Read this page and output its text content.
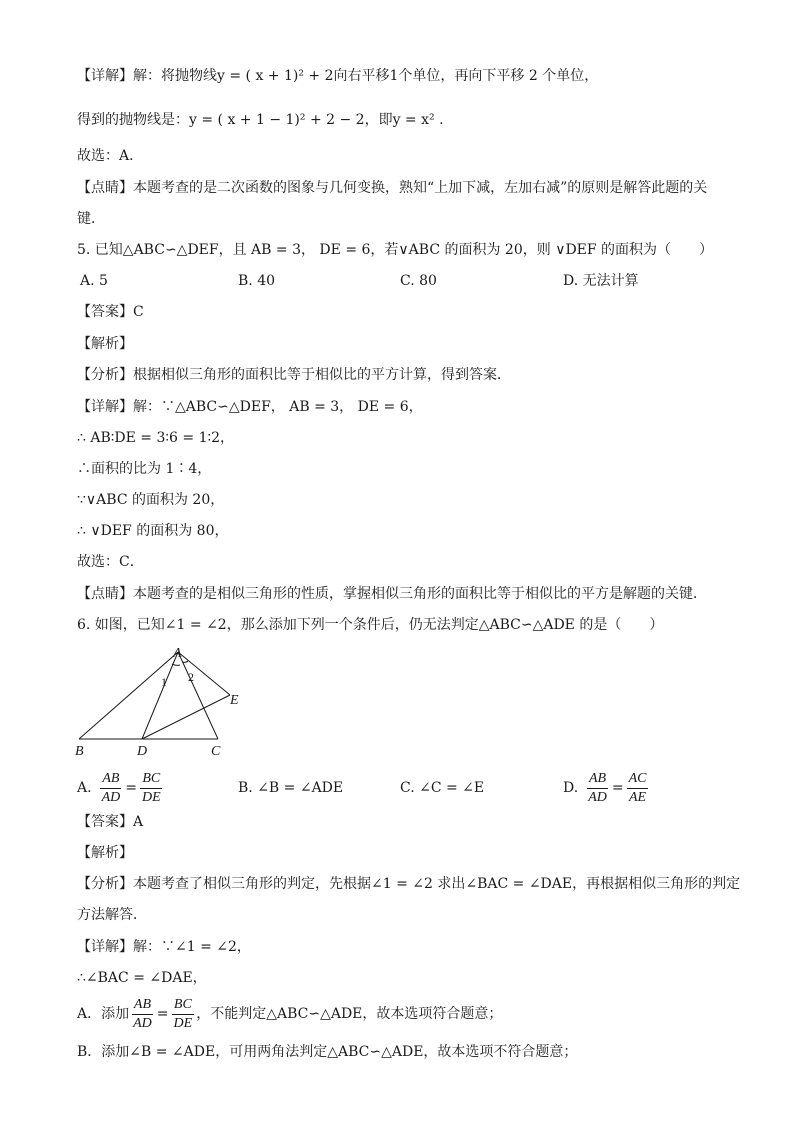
【详解】解：将抛物线y = ( x + 1)² + 2向右平移1个单位，再向下平移 2 个单位，
得到的抛物线是：y = ( x + 1 − 1)² + 2 − 2，即y = x² .
故选：A．
【点睛】本题考查的是二次函数的图象与几何变换，熟知“上加下减，左加右减”的原则是解答此题的关
键．
5. 已知△ABC∽△DEF，且 AB = 3， DE = 6，若∨ABC 的面积为 20，则 ∨DEF 的面积为（　　）
A. 5	B. 40	C. 80	D. 无法计算
【答案】C
【解析】
【分析】根据相似三角形的面积比等于相似比的平方计算，得到答案．
【详解】解：∵△ABC∽△DEF， AB = 3， DE = 6，
∴ AB∶DE = 3∶6 = 1∶2，
∴面积的比为 1∶4，
∵∨ABC 的面积为 20，
∴ ∨DEF 的面积为 80，
故选：C．
【点睛】本题考查的是相似三角形的性质，掌握相似三角形的面积比等于相似比的平方是解题的关键．
6. 如图，已知∠1 = ∠2，那么添加下列一个条件后，仍无法判定△ABC∽△ADE 的是（　　）
A
B	D	C
E
1 2
A. $\frac{AB}{AD} = \frac{BC}{DE}$	B. ∠B = ∠ADE	C. ∠C = ∠E	D. $\frac{AB}{AD} = \frac{AC}{AE}$
【答案】A
【解析】
【分析】本题考查了相似三角形的判定，先根据∠1 = ∠2 求出∠BAC = ∠DAE，再根据相似三角形的判定
方法解答．
【详解】解：∵∠1 = ∠2，
∴∠BAC = ∠DAE，
A．添加 $\frac{AB}{AD} = \frac{BC}{DE}$ ，不能判定△ABC∽△ADE，故本选项符合题意；
B．添加∠B = ∠ADE，可用两角法判定△ABC∽△ADE，故本选项不符合题意；
